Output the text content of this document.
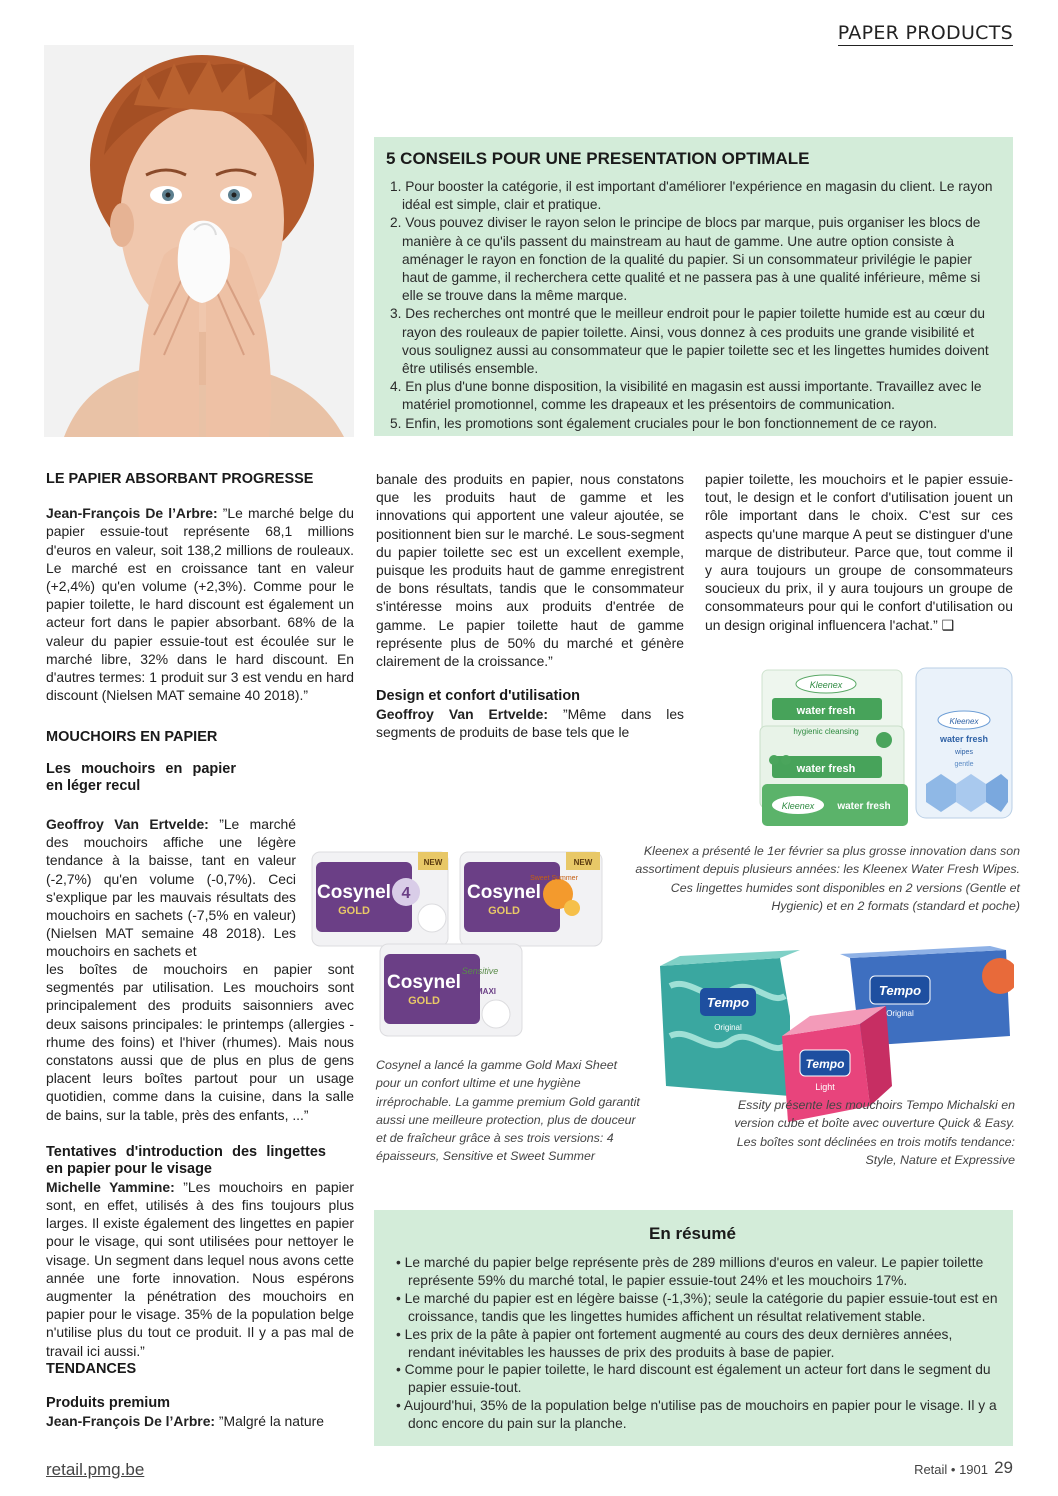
PAPER PRODUCTS
5 CONSEILS POUR UNE PRESENTATION OPTIMALE
1. Pour booster la catégorie, il est important d'améliorer l'expérience en magasin du client. Le rayon idéal est simple, clair et pratique.
2. Vous pouvez diviser le rayon selon le principe de blocs par marque, puis organiser les blocs de manière à ce qu'ils passent du mainstream au haut de gamme. Une autre option consiste à aménager le rayon en fonction de la qualité du papier. Si un consommateur privilégie le papier haut de gamme, il recherchera cette qualité et ne passera pas à une qualité inférieure, même si elle se trouve dans la même marque.
3. Des recherches ont montré que le meilleur endroit pour le papier toilette humide est au cœur du rayon des rouleaux de papier toilette. Ainsi, vous donnez à ces produits une grande visibilité et vous soulignez aussi au consommateur que le papier toilette sec et les lingettes humides doivent être utilisés ensemble.
4. En plus d'une bonne disposition, la visibilité en magasin est aussi importante. Travaillez avec le matériel promotionnel, comme les drapeaux et les présentoirs de communication.
5. Enfin, les promotions sont également cruciales pour le bon fonctionnement de ce rayon.
LE PAPIER ABSORBANT PROGRESSE

Jean-François De l’Arbre: ”Le marché belge du papier essuie-tout représente 68,1 millions d'euros en valeur, soit 138,2 millions de rouleaux. Le marché est en croissance tant en valeur (+2,4%) qu'en volume (+2,3%). Comme pour le papier toilette, le hard discount est également un acteur fort dans le papier absorbant. 68% de la valeur du papier essuie-tout est écoulée sur le marché libre, 32% dans le hard discount. En d'autres termes: 1 produit sur 3 est vendu en hard discount (Nielsen MAT semaine 40 2018).”

MOUCHOIRS EN PAPIER
Les mouchoirs en papier en léger recul

Geoffroy Van Ertvelde: ”Le marché des mouchoirs affiche une légère tendance à la baisse, tant en valeur (-2,7%) qu'en volume (-0,7%). Ceci s'explique par les mauvais résultats des mouchoirs en sachets (-7,5% en valeur) (Nielsen MAT semaine 48 2018). Les mouchoirs en sachets et

les boîtes de mouchoirs en papier sont segmentés par utilisation. Les mouchoirs sont principalement des produits saisonniers avec deux saisons principales: le printemps (allergies - rhume des foins) et l'hiver (rhumes). Mais nous constatons aussi que de plus en plus de gens placent leurs boîtes partout pour un usage quotidien, comme dans la cuisine, dans la salle de bains, sur la table, près des enfants, ...”

Tentatives d'introduction des lingettes en papier pour le visage

Michelle Yammine: ”Les mouchoirs en papier sont, en effet, utilisés à des fins toujours plus larges. Il existe également des lingettes en papier pour le visage, qui sont utilisées pour nettoyer le visage. Un segment dans lequel nous avons cette année une forte innovation. Nous espérons augmenter la pénétration des mouchoirs en papier pour le visage. 35% de la population belge n'utilise plus du tout ce produit. Il y a pas mal de travail ici aussi.”

TENDANCES
Produits premium

Jean-François De l’Arbre: ”Malgré la nature

banale des produits en papier, nous constatons que les produits haut de gamme et les innovations qui apportent une valeur ajoutée, se positionnent bien sur le marché. Le sous-segment du papier toilette sec est un excellent exemple, puisque les produits haut de gamme enregistrent de bons résultats, tandis que le consommateur s'intéresse moins aux produits d'entrée de gamme. Le papier toilette haut de gamme représente plus de 50% du marché et génère clairement de la croissance.”

Design et confort d'utilisation

Geoffroy Van Ertvelde: ”Même dans les segments de produits de base tels que le

papier toilette, les mouchoirs et le papier essuie-tout, le design et le confort d'utilisation jouent un rôle important dans le choix. C'est sur ces aspects qu'une marque A peut se distinguer d'une marque de distributeur. Parce que, tout comme il y aura toujours un groupe de consommateurs soucieux du prix, il y aura toujours un groupe de consommateurs pour qui le confort d'utilisation ou un design original influencera l'achat.” ❑

water fresh
water fresh
Kleenex
hygienic cleansing
Kleenex water fresh
Kleenex
water fresh
wipes
gentle
Kleenex a présenté le 1er février sa plus grosse innovation dans son assortiment depuis plusieurs années: les Kleenex Water Fresh Wipes. Ces lingettes humides sont disponibles en 2 versions (Gentle et Hygienic) et en 2 formats (standard et poche)
Cosynel
GOLD
4
NEW
Cosynel
GOLD
Sweet Summer
NEW
Cosynel
GOLD
Sensitive
MAXI
Cosynel a lancé la gamme Gold Maxi Sheet pour un confort ultime et une hygiène irréprochable. La gamme premium Gold garantit aussi une meilleure protection, plus de douceur et de fraîcheur grâce à ses trois versions: 4 épaisseurs, Sensitive et Sweet Summer
Tempo
Original
Tempo
Original
Tempo
Light
Essity présente les mouchoirs Tempo Michalski en version cube et boîte avec ouverture Quick & Easy. Les boîtes sont déclinées en trois motifs tendance: Style, Nature et Expressive
En résumé
• Le marché du papier belge représente près de 289 millions d'euros en valeur. Le papier toilette représente 59% du marché total, le papier essuie-tout 24% et les mouchoirs 17%.
• Le marché du papier est en légère baisse (-1,3%); seule la catégorie du papier essuie-tout est en croissance, tandis que les lingettes humides affichent un résultat relativement stable.
• Les prix de la pâte à papier ont fortement augmenté au cours des deux dernières années, rendant inévitables les hausses de prix des produits à base de papier.
• Comme pour le papier toilette, le hard discount est également un acteur fort dans le segment du papier essuie-tout.
• Aujourd'hui, 35% de la population belge n'utilise pas de mouchoirs en papier pour le visage. Il y a donc encore du pain sur la planche.
retail.pmg.be	Retail • 1901 29
